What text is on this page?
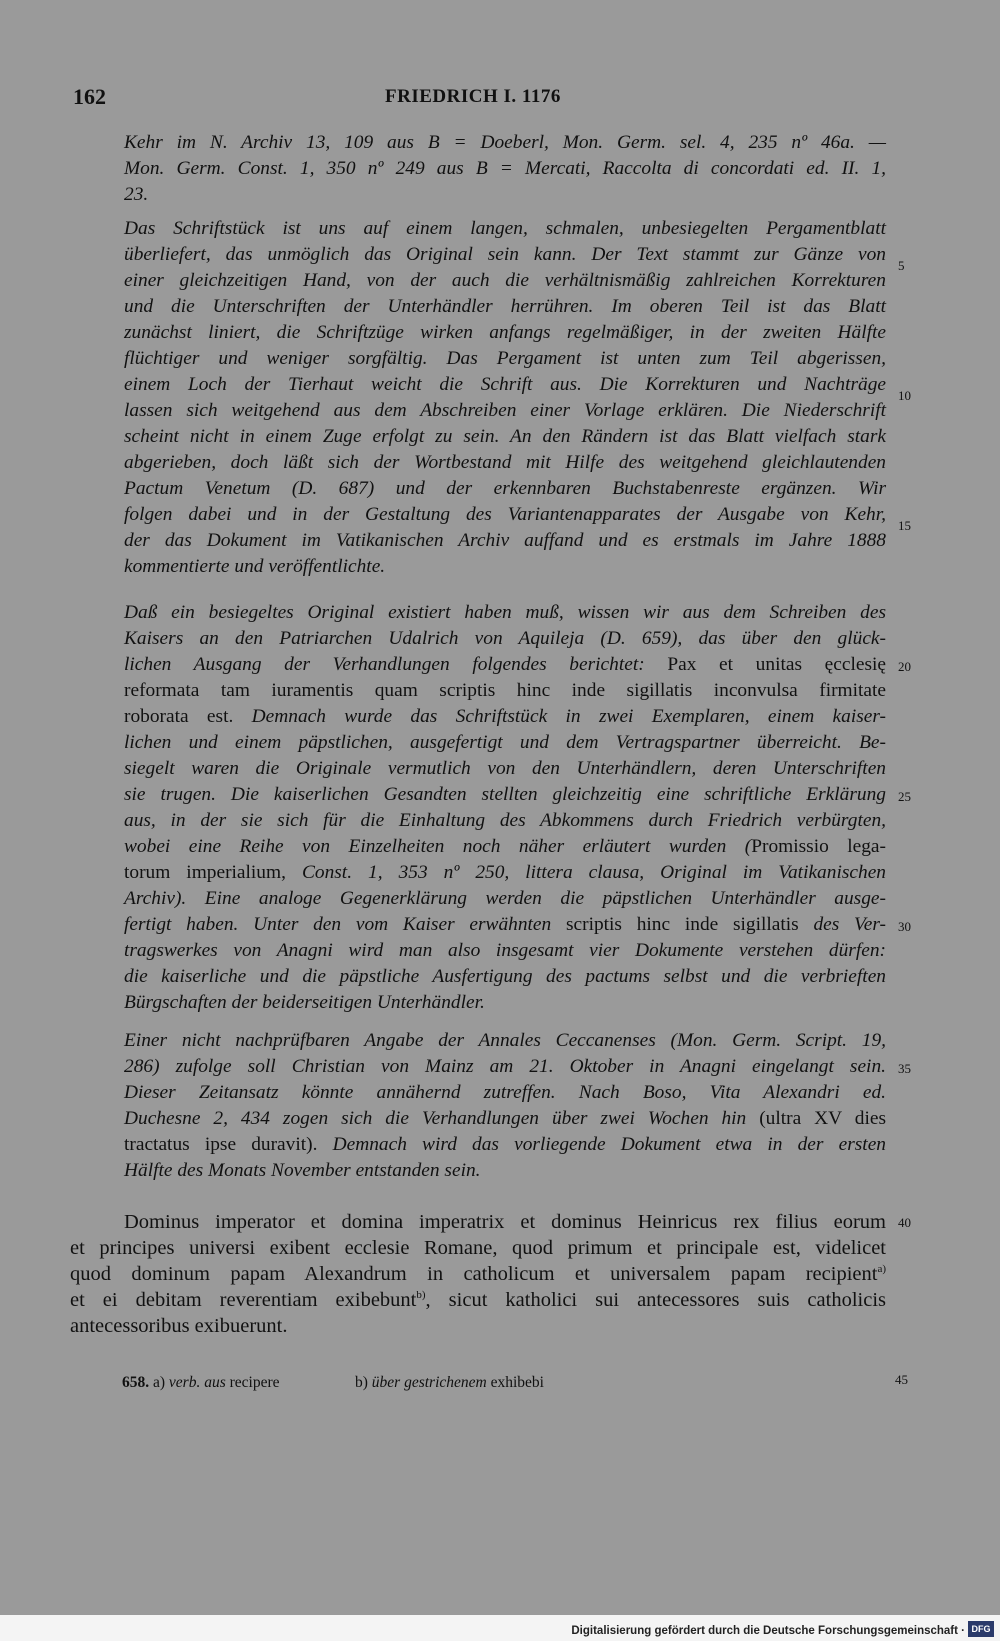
162	FRIEDRICH I. 1176
Kehr im N. Archiv 13, 109 aus B = Doeberl, Mon. Germ. sel. 4, 235 nº 46a. —
Mon. Germ. Const. 1, 350 nº 249 aus B = Mercati, Raccolta di concordati ed. II. 1,
23.
Das Schriftstück ist uns auf einem langen, schmalen, unbesiegelten Pergamentblatt
überliefert, das unmöglich das Original sein kann. Der Text stammt zur Gänze von
einer gleichzeitigen Hand, von der auch die verhältnismäßig zahlreichen Korrekturen
und die Unterschriften der Unterhändler herrühren. Im oberen Teil ist das Blatt
zunächst liniert, die Schriftzüge wirken anfangs regelmäßiger, in der zweiten Hälfte
flüchtiger und weniger sorgfältig. Das Pergament ist unten zum Teil abgerissen,
einem Loch der Tierhaut weicht die Schrift aus. Die Korrekturen und Nachträge
lassen sich weitgehend aus dem Abschreiben einer Vorlage erklären. Die Niederschrift
scheint nicht in einem Zuge erfolgt zu sein. An den Rändern ist das Blatt vielfach stark
abgerieben, doch läßt sich der Wortbestand mit Hilfe des weitgehend gleichlautenden
Pactum Venetum (D. 687) und der erkennbaren Buchstabenreste ergänzen. Wir
folgen dabei und in der Gestaltung des Variantenapparates der Ausgabe von Kehr,
der das Dokument im Vatikanischen Archiv auffand und es erstmals im Jahre 1888
kommentierte und veröffentlichte.
Daß ein besiegeltes Original existiert haben muß, wissen wir aus dem Schreiben des
Kaisers an den Patriarchen Udalrich von Aquileja (D. 659), das über den glück-
lichen Ausgang der Verhandlungen folgendes berichtet: Pax et unitas ęcclesię
reformata tam iuramentis quam scriptis hinc inde sigillatis inconvulsa firmitate
roborata est. Demnach wurde das Schriftstück in zwei Exemplaren, einem kaiser-
lichen und einem päpstlichen, ausgefertigt und dem Vertragspartner überreicht. Be-
siegelt waren die Originale vermutlich von den Unterhändlern, deren Unterschriften
sie trugen. Die kaiserlichen Gesandten stellten gleichzeitig eine schriftliche Erklärung
aus, in der sie sich für die Einhaltung des Abkommens durch Friedrich verbürgten,
wobei eine Reihe von Einzelheiten noch näher erläutert wurden (Promissio lega-
torum imperialium, Const. 1, 353 nº 250, littera clausa, Original im Vatikanischen
Archiv). Eine analoge Gegenerklärung werden die päpstlichen Unterhändler ausge-
fertigt haben. Unter den vom Kaiser erwähnten scriptis hinc inde sigillatis des Ver-
tragswerkes von Anagni wird man also insgesamt vier Dokumente verstehen dürfen:
die kaiserliche und die päpstliche Ausfertigung des pactums selbst und die verbrieften
Bürgschaften der beiderseitigen Unterhändler.
Einer nicht nachprüfbaren Angabe der Annales Ceccanenses (Mon. Germ. Script. 19,
286) zufolge soll Christian von Mainz am 21. Oktober in Anagni eingelangt sein.
Dieser Zeitansatz könnte annähernd zutreffen. Nach Boso, Vita Alexandri ed.
Duchesne 2, 434 zogen sich die Verhandlungen über zwei Wochen hin (ultra XV dies
tractatus ipse duravit). Demnach wird das vorliegende Dokument etwa in der ersten
Hälfte des Monats November entstanden sein.
Dominus imperator et domina imperatrix et dominus Heinricus rex filius eorum
et principes universi exibent ecclesie Romane, quod primum et principale est, videlicet
quod dominum papam Alexandrum in catholicum et universalem papam recipient$^{a)}$
et ei debitam reverentiam exibebunt$^{b)}$, sicut katholici sui antecessores suis catholicis
antecessoribus exibuerunt.
5
10
15
20
25
30
35
40
658. a) verb. aus recipere	b) über gestrichenem exhibebi	45
Digitalisierung gefördert durch die Deutsche Forschungsgemeinschaft · DFG
